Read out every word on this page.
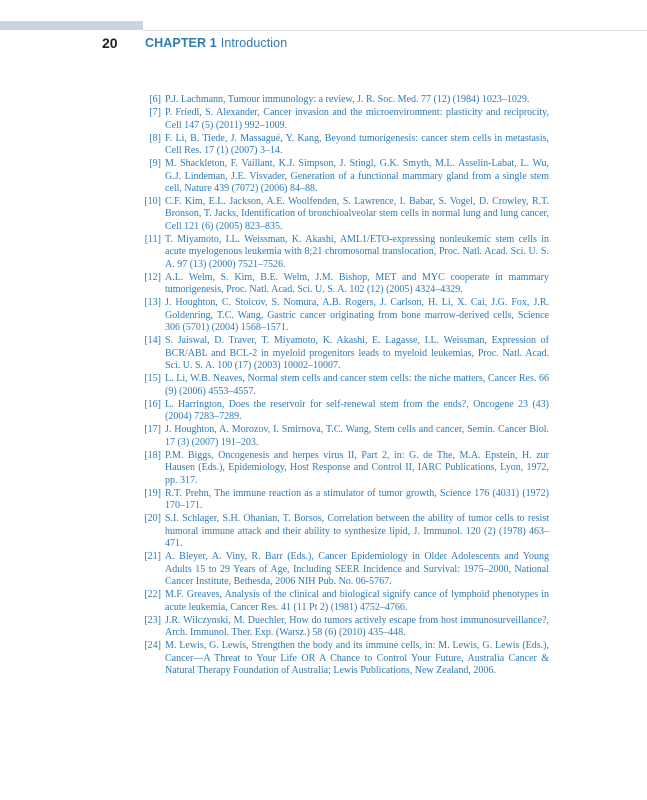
20 CHAPTER 1 Introduction
[6] P.J. Lachmann, Tumour immunology: a review, J. R. Soc. Med. 77 (12) (1984) 1023–1029.
[7] P. Friedl, S. Alexander, Cancer invasion and the microenvironment: plasticity and reciprocity, Cell 147 (5) (2011) 992–1009.
[8] F. Li, B. Tiede, J. Massagué, Y. Kang, Beyond tumorigenesis: cancer stem cells in metastasis, Cell Res. 17 (1) (2007) 3–14.
[9] M. Shackleton, F. Vaillant, K.J. Simpson, J. Stingl, G.K. Smyth, M.L. Asselin-Labat, L. Wu, G.J. Lindeman, J.E. Visvader, Generation of a functional mammary gland from a single stem cell, Nature 439 (7072) (2006) 84–88.
[10] C.F. Kim, E.L. Jackson, A.E. Woolfenden, S. Lawrence, I. Babar, S. Vogel, D. Crowley, R.T. Bronson, T. Jacks, Identification of bronchioalveolar stem cells in normal lung and lung cancer, Cell 121 (6) (2005) 823–835.
[11] T. Miyamoto, I.L. Weissman, K. Akashi, AML1/ETO-expressing nonleukemic stem cells in acute myelogenous leukemia with 8;21 chromosomal translocation, Proc. Natl. Acad. Sci. U. S. A. 97 (13) (2000) 7521–7526.
[12] A.L. Welm, S. Kim, B.E. Welm, J.M. Bishop, MET and MYC cooperate in mammary tumorigenesis, Proc. Natl. Acad. Sci. U. S. A. 102 (12) (2005) 4324–4329.
[13] J. Houghton, C. Stoicov, S. Nomura, A.B. Rogers, J. Carlson, H. Li, X. Cai, J.G. Fox, J.R. Goldenring, T.C. Wang, Gastric cancer originating from bone marrow-derived cells, Science 306 (5701) (2004) 1568–1571.
[14] S. Jaiswal, D. Traver, T. Miyamoto, K. Akashi, E. Lagasse, I.L. Weissman, Expression of BCR/ABL and BCL-2 in myeloid progenitors leads to myeloid leukemias, Proc. Natl. Acad. Sci. U. S. A. 100 (17) (2003) 10002–10007.
[15] L. Li, W.B. Neaves, Normal stem cells and cancer stem cells: the niche matters, Cancer Res. 66 (9) (2006) 4553–4557.
[16] L. Harrington, Does the reservoir for self-renewal stem from the ends?, Oncogene 23 (43) (2004) 7283–7289.
[17] J. Houghton, A. Morozov, I. Smirnova, T.C. Wang, Stem cells and cancer, Semin. Cancer Biol. 17 (3) (2007) 191–203.
[18] P.M. Biggs, Oncogenesis and herpes virus II, Part 2, in: G. de The, M.A. Epstein, H. zur Hausen (Eds.), Epidemiology, Host Response and Control II, IARC Publications, Lyon, 1972, pp. 317.
[19] R.T. Prehn, The immune reaction as a stimulator of tumor growth, Science 176 (4031) (1972) 170–171.
[20] S.I. Schlager, S.H. Ohanian, T. Borsos, Correlation between the ability of tumor cells to resist humoral immune attack and their ability to synthesize lipid, J. Immunol. 120 (2) (1978) 463–471.
[21] A. Bleyer, A. Viny, R. Barr (Eds.), Cancer Epidemiology in Older Adolescents and Young Adults 15 to 29 Years of Age, Including SEER Incidence and Survival: 1975–2000, National Cancer Institute, Bethesda, 2006 NIH Pub. No. 06-5767.
[22] M.F. Greaves, Analysis of the clinical and biological signify cance of lymphoid phenotypes in acute leukemia, Cancer Res. 41 (11 Pt 2) (1981) 4752–4766.
[23] J.R. Wilczynski, M. Duechler, How do tumors actively escape from host immunosurveillance?, Arch. Immunol. Ther. Exp. (Warsz.) 58 (6) (2010) 435–448.
[24] M. Lewis, G. Lewis, Strengthen the body and its immune cells, in: M. Lewis, G. Lewis (Eds.), Cancer—A Threat to Your Life OR A Chance to Control Your Future, Australia Cancer & Natural Therapy Foundation of Australia; Lewis Publications, New Zealand, 2006.
